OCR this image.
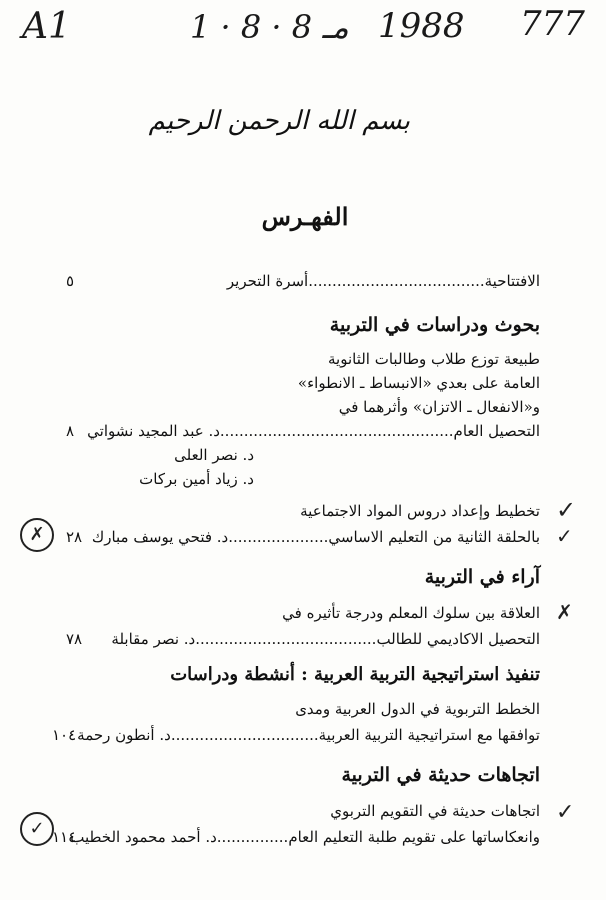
A1	1 · 8 · 8 مـ 1988 777
بسم الله الرحمن الرحيم
الفهـرس
الافتتاحية.....................................أسرة التحرير
٥
بحوث ودراسات في التربية
طبيعة توزع طلاب وطالبات الثانوية
العامة على بعدي «الانبساط ـ الانطواء»
و«الانفعال ـ الاتزان» وأثرهما في
التحصيل العام.................................................د. عبد المجيد نشواتي
٨
د. نصر العلى
د. زياد أمين بركات
✓
تخطيط وإعداد دروس المواد الاجتماعية
✓
بالحلقة الثانية من التعليم الاساسي.....................د. فتحي يوسف مبارك
٢٨
✗
آراء في التربية
✗
العلاقة بين سلوك المعلم ودرجة تأثيره في
التحصيل الاكاديمي للطالب......................................د. نصر مقابلة
٧٨
تنفيذ استراتيجية التربية العربية : أنشطة ودراسات
الخطط التربوية في الدول العربية ومدى
توافقها مع استراتيجية التربية العربية...............................د. أنطون رحمة
١٠٤
اتجاهات حديثة في التربية
✓
اتجاهات حديثة في التقويم التربوي
وانعكاساتها على تقويم طلبة التعليم العام...............د. أحمد محمود الخطيب
١١٤
✓
